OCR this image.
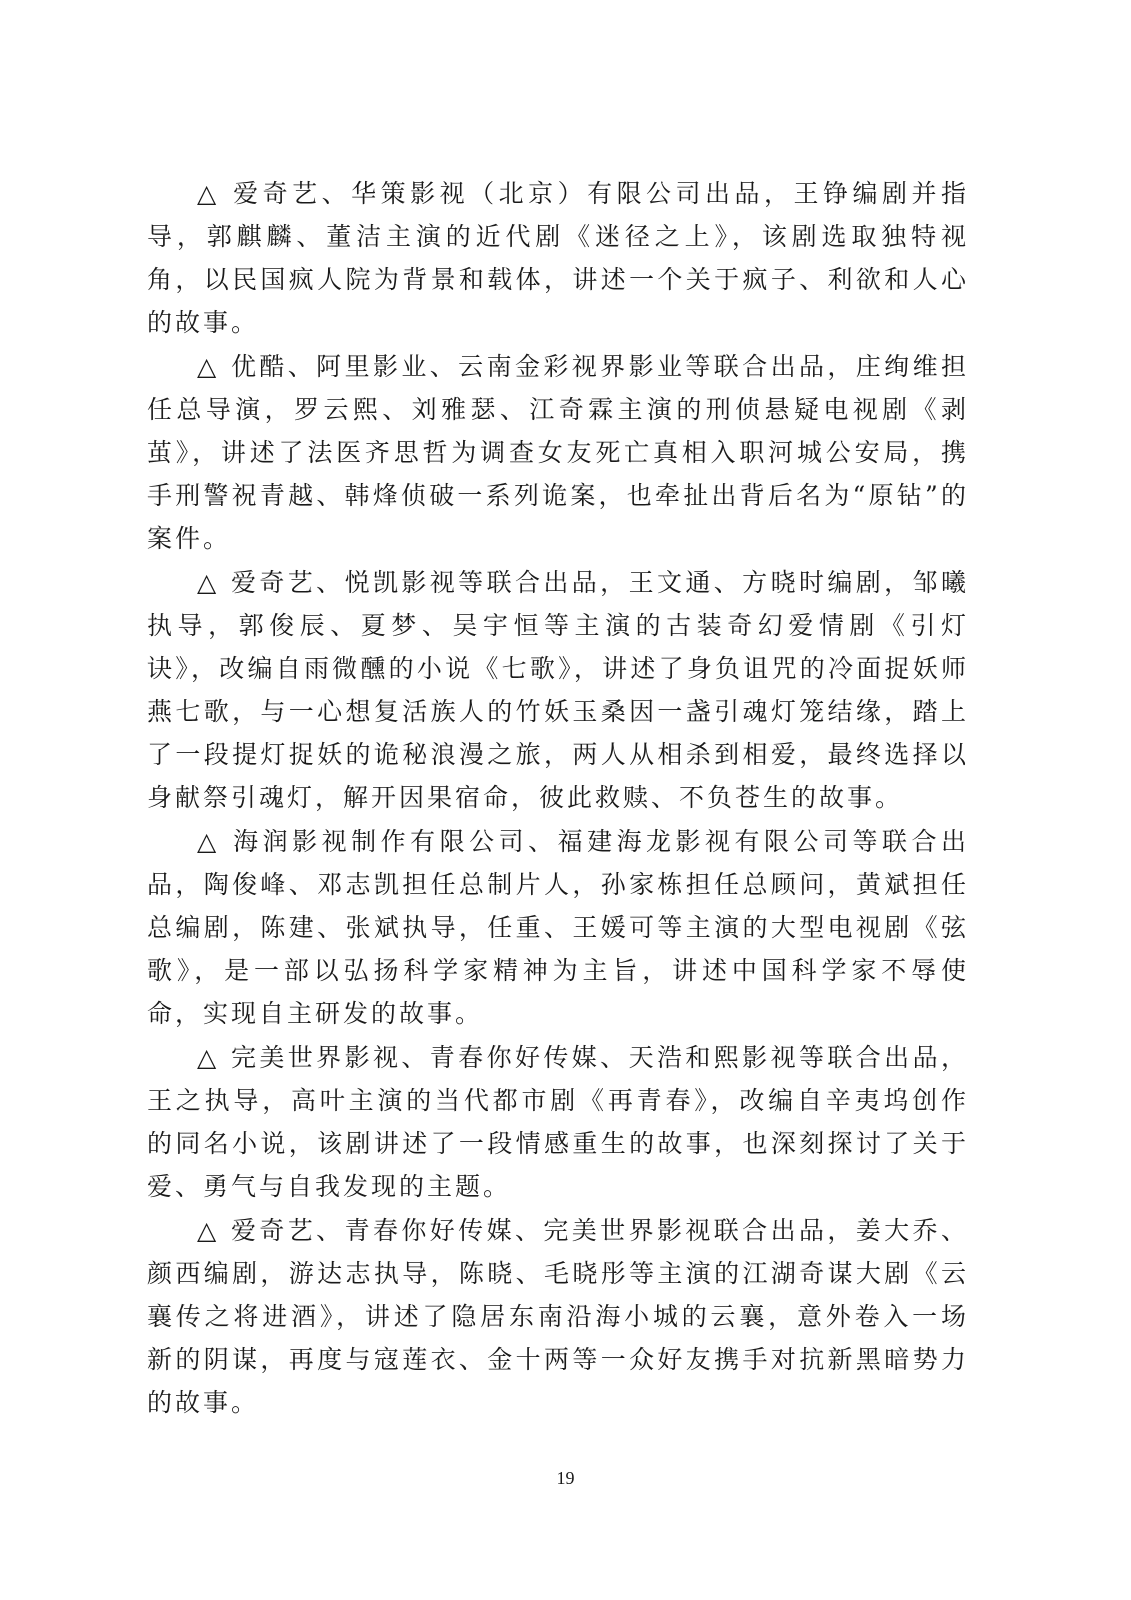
△ 爱奇艺、华策影视（北京）有限公司出品，王铮编剧并指导，郭麒麟、董洁主演的近代剧《迷径之上》，该剧选取独特视角，以民国疯人院为背景和载体，讲述一个关于疯子、利欲和人心的故事。

△ 优酷、阿里影业、云南金彩视界影业等联合出品，庄绚维担任总导演，罗云熙、刘雅瑟、江奇霖主演的刑侦悬疑电视剧《剥茧》，讲述了法医齐思哲为调查女友死亡真相入职河城公安局，携手刑警祝青越、韩烽侦破一系列诡案，也牵扯出背后名为“原钻”的案件。

△ 爱奇艺、悦凯影视等联合出品，王文通、方晓时编剧，邹曦执导，郭俊辰、夏梦、吴宇恒等主演的古装奇幻爱情剧《引灯诀》，改编自雨微醺的小说《七歌》，讲述了身负诅咒的冷面捉妖师燕七歌，与一心想复活族人的竹妖玉桑因一盏引魂灯笼结缘，踏上了一段提灯捉妖的诡秘浪漫之旅，两人从相杀到相爱，最终选择以身献祭引魂灯，解开因果宿命，彼此救赎、不负苍生的故事。

△ 海润影视制作有限公司、福建海龙影视有限公司等联合出品，陶俊峰、邓志凯担任总制片人，孙家栋担任总顾问，黄斌担任总编剧，陈建、张斌执导，任重、王媛可等主演的大型电视剧《弦歌》，是一部以弘扬科学家精神为主旨，讲述中国科学家不辱使命，实现自主研发的故事。

△ 完美世界影视、青春你好传媒、天浩和熙影视等联合出品，王之执导，高叶主演的当代都市剧《再青春》，改编自辛夷坞创作的同名小说，该剧讲述了一段情感重生的故事，也深刻探讨了关于爱、勇气与自我发现的主题。

△ 爱奇艺、青春你好传媒、完美世界影视联合出品，姜大乔、颜西编剧，游达志执导，陈晓、毛晓彤等主演的江湖奇谋大剧《云襄传之将进酒》，讲述了隐居东南沿海小城的云襄，意外卷入一场新的阴谋，再度与寇莲衣、金十两等一众好友携手对抗新黑暗势力的故事。

19
